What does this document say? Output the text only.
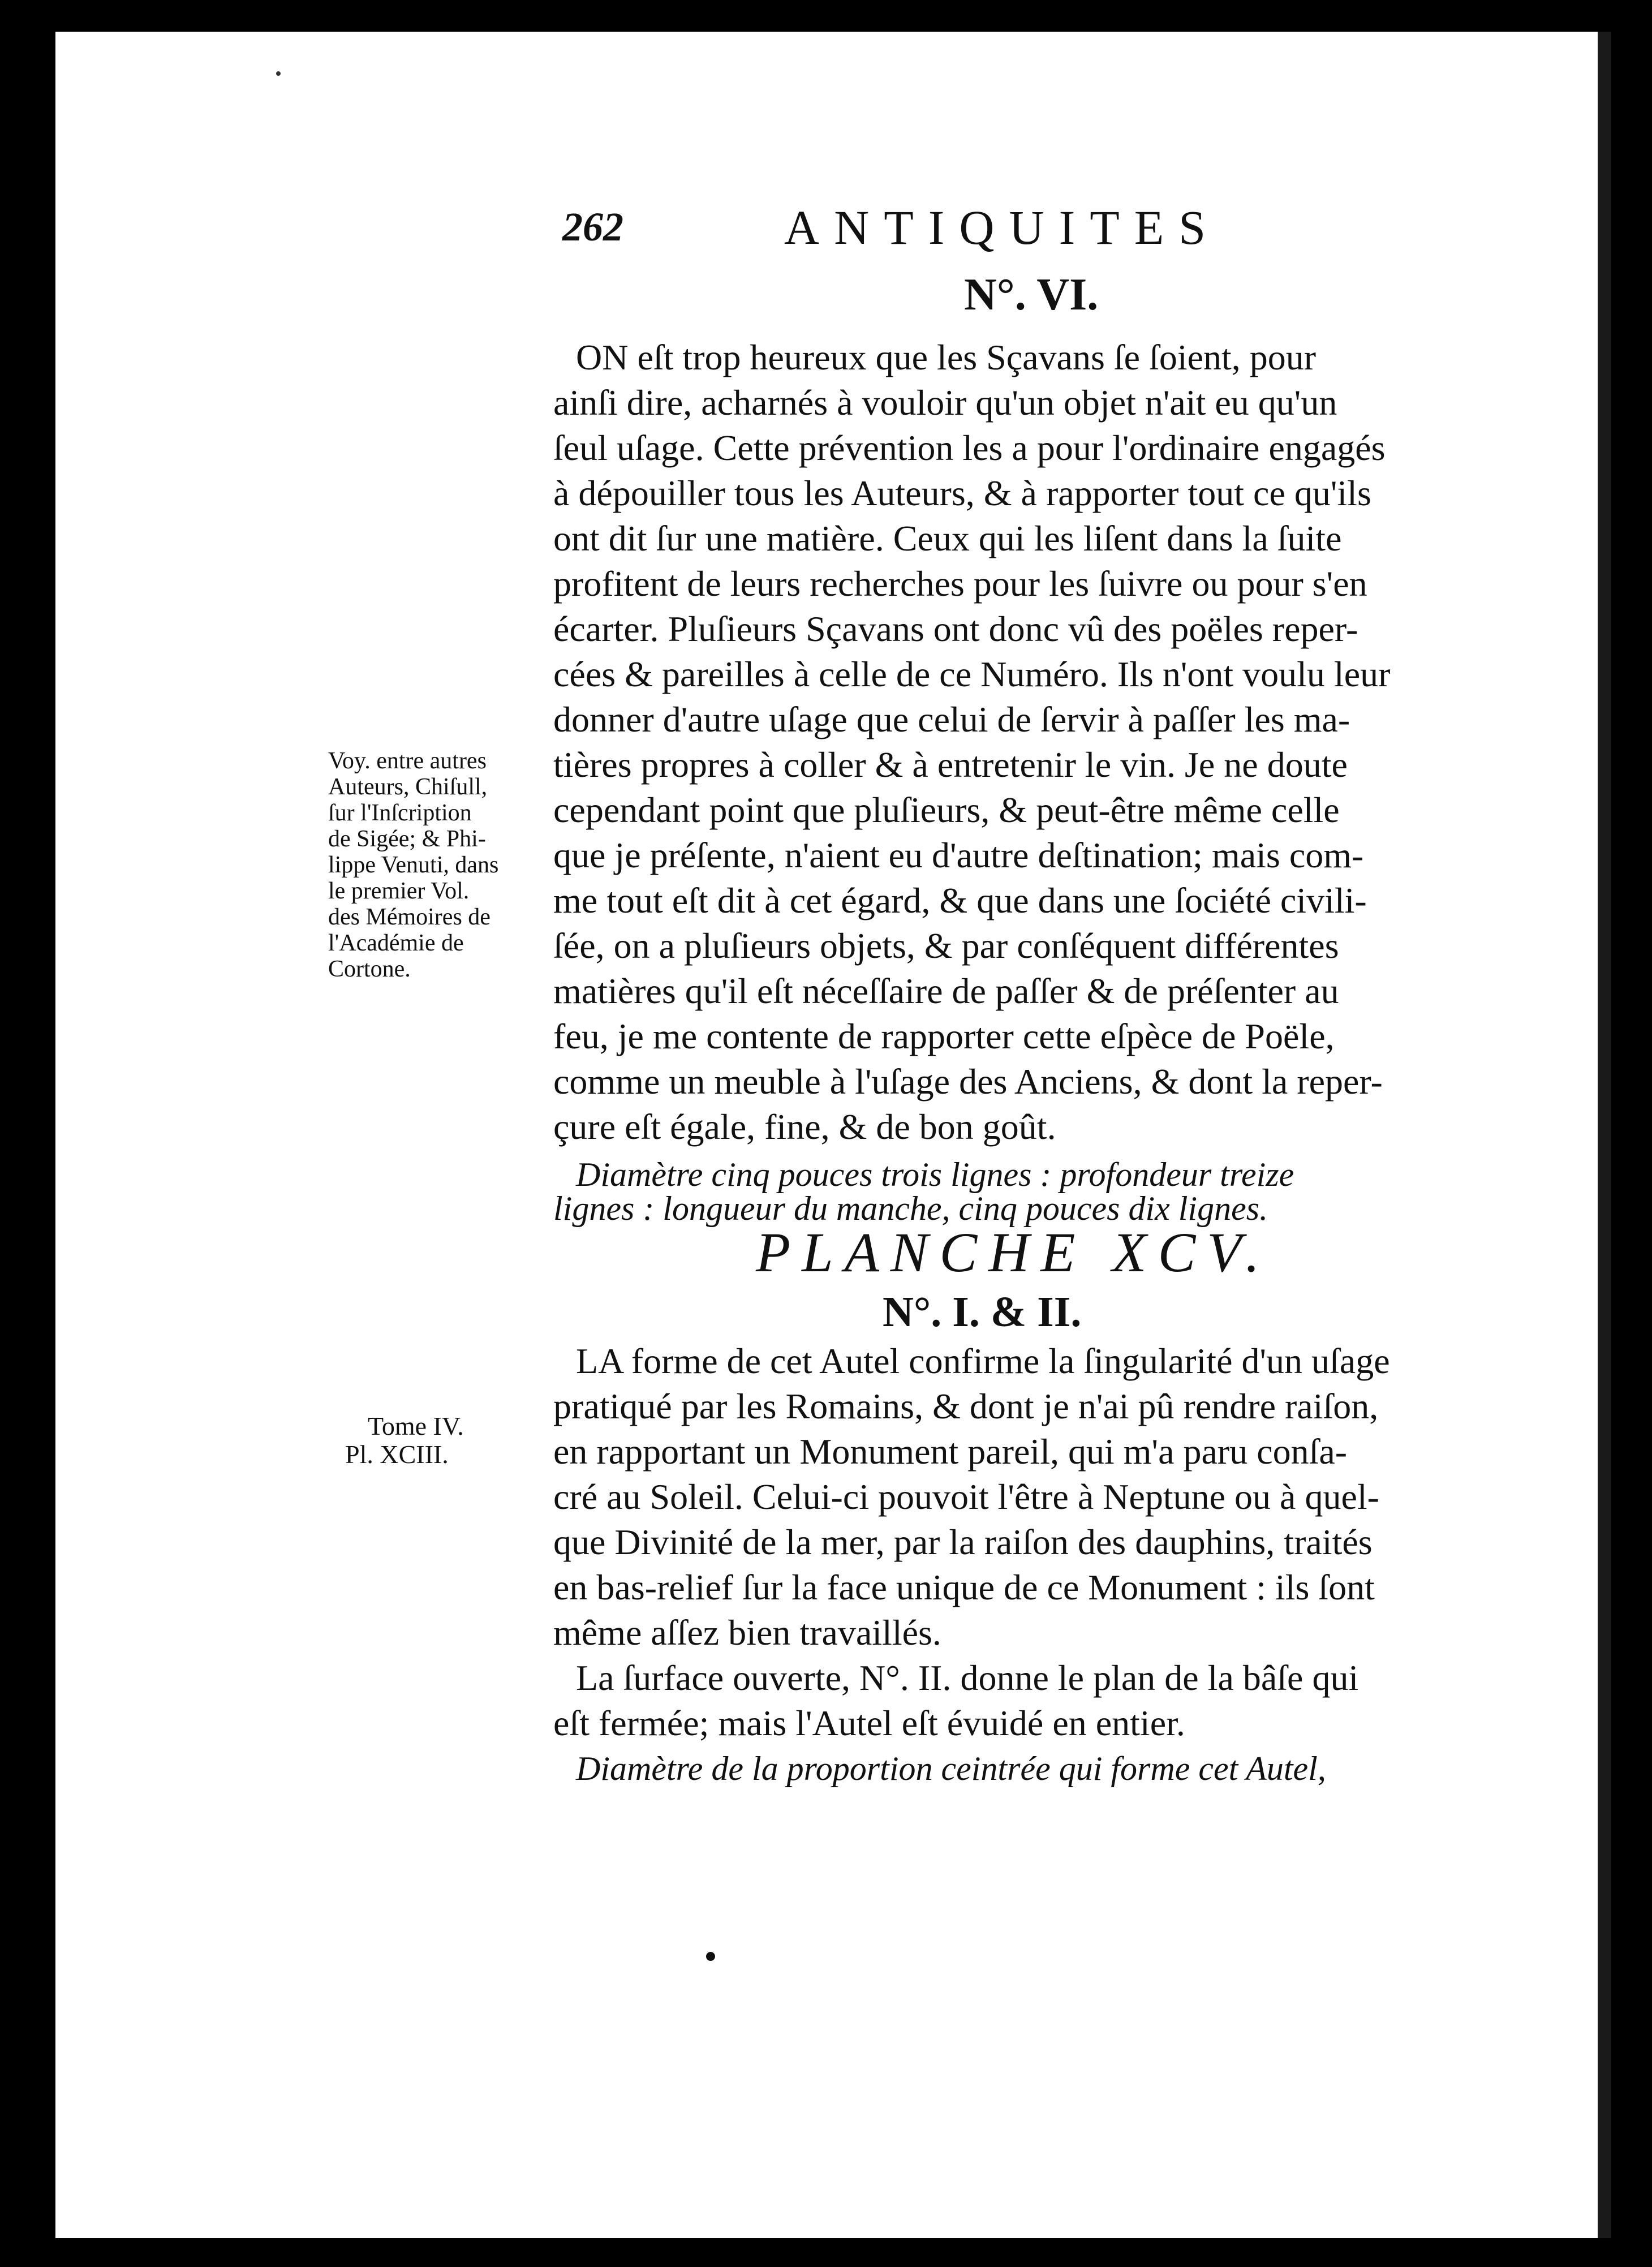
262	ANTIQUITES
N°. VI.
ON eſt trop heureux que les Sçavans ſe ſoient, pour
ainſi dire, acharnés à vouloir qu'un objet n'ait eu qu'un
ſeul uſage. Cette prévention les a pour l'ordinaire engagés
à dépouiller tous les Auteurs, & à rapporter tout ce qu'ils
ont dit ſur une matière. Ceux qui les liſent dans la ſuite
profitent de leurs recherches pour les ſuivre ou pour s'en
écarter. Pluſieurs Sçavans ont donc vû des poëles reper-
cées & pareilles à celle de ce Numéro. Ils n'ont voulu leur
donner d'autre uſage que celui de ſervir à paſſer les ma-
tières propres à coller & à entretenir le vin. Je ne doute
cependant point que pluſieurs, & peut-être même celle
que je préſente, n'aient eu d'autre deſtination; mais com-
me tout eſt dit à cet égard, & que dans une ſociété civili-
ſée, on a pluſieurs objets, & par conſéquent différentes
matières qu'il eſt néceſſaire de paſſer & de préſenter au
feu, je me contente de rapporter cette eſpèce de Poële,
comme un meuble à l'uſage des Anciens, & dont la reper-
çure eſt égale, fine, & de bon goût.
Diamètre cinq pouces trois lignes : profondeur treize
lignes : longueur du manche, cinq pouces dix lignes.
Voy. entre autres
Auteurs, Chiſull,
ſur l'Inſcription
de Sigée; & Phi-
lippe Venuti, dans
le premier Vol.
des Mémoires de
l'Académie de
Cortone.
PLANCHE XCV.
N°. I. & II.
LA forme de cet Autel confirme la ſingularité d'un uſage
pratiqué par les Romains, & dont je n'ai pû rendre raiſon,
en rapportant un Monument pareil, qui m'a paru conſa-
cré au Soleil. Celui-ci pouvoit l'être à Neptune ou à quel-
que Divinité de la mer, par la raiſon des dauphins, traités
en bas-relief ſur la face unique de ce Monument : ils ſont
même aſſez bien travaillés.
La ſurface ouverte, N°. II. donne le plan de la bâſe qui
eſt fermée; mais l'Autel eſt évuidé en entier.
Diamètre de la proportion ceintrée qui forme cet Autel,
Tome IV.
Pl. XCIII.
